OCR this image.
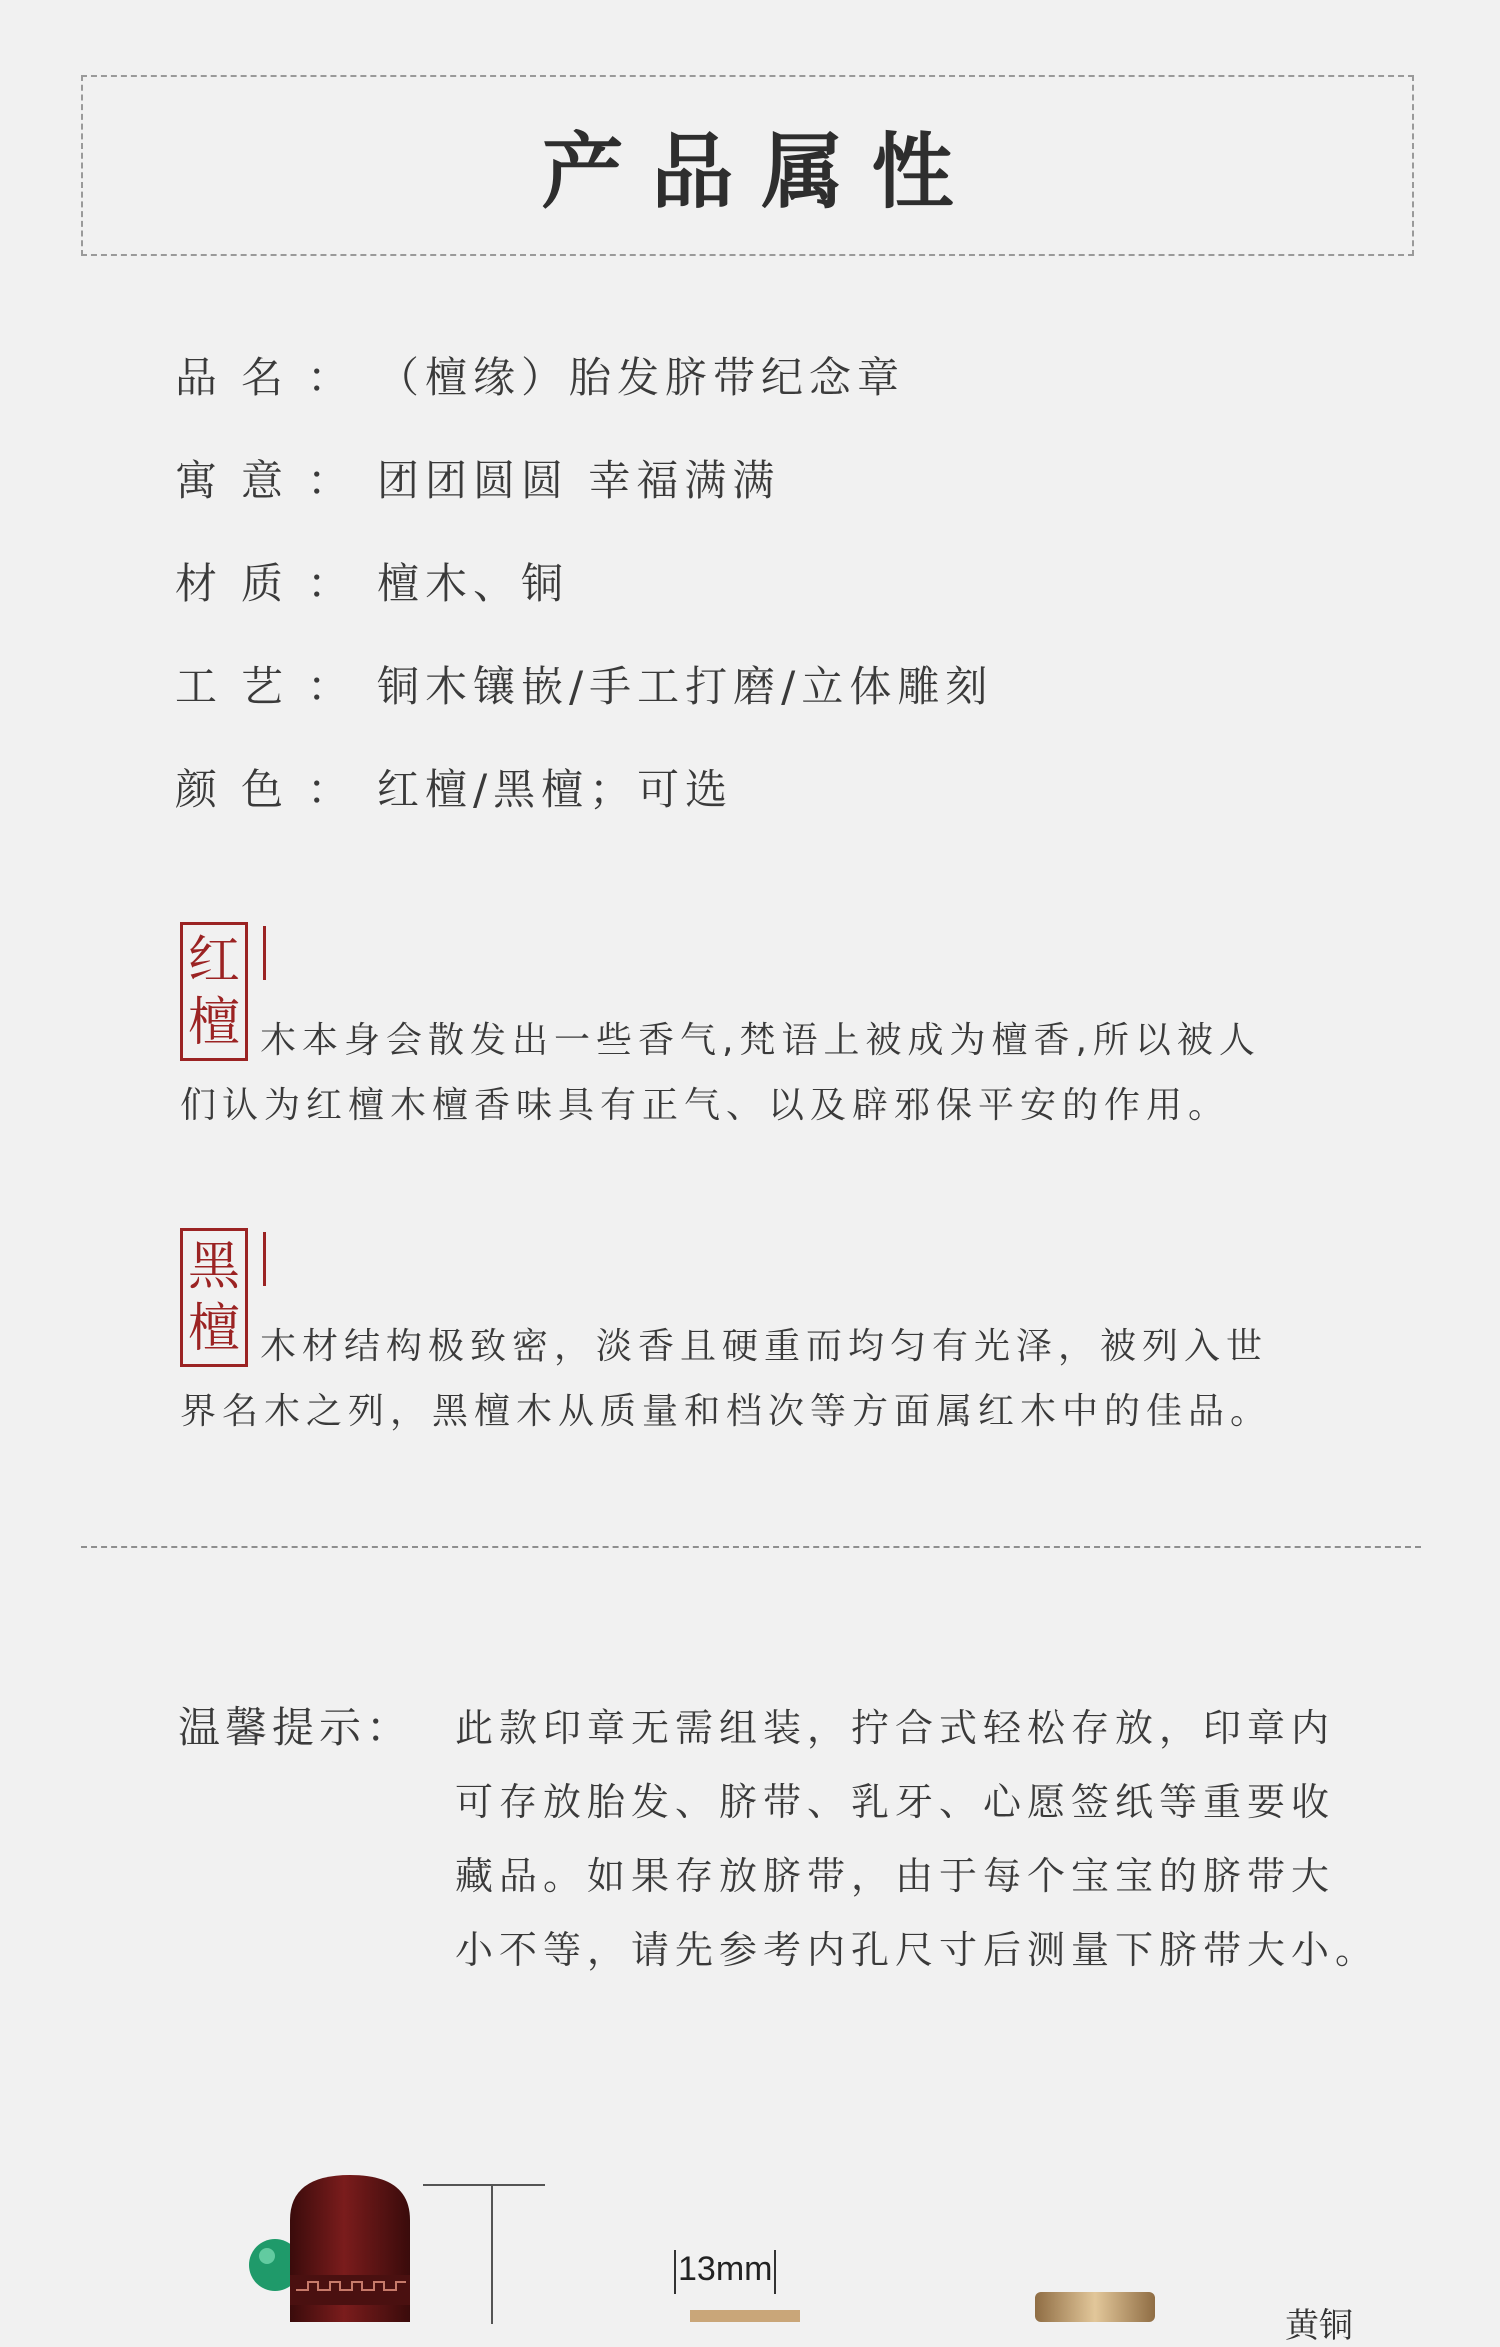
产品属性
品名 ： （檀缘）胎发脐带纪念章
寓意 ： 团团圆圆 幸福满满
材质 ： 檀木、铜
工艺 ： 铜木镶嵌/手工打磨/立体雕刻
颜色 ： 红檀/黑檀；可选
红
檀 木本身会散发出一些香气,梵语上被成为檀香,所以被人
们认为红檀木檀香味具有正气、以及辟邪保平安的作用。
黑
檀 木材结构极致密，淡香且硬重而均匀有光泽，被列入世
界名木之列，黑檀木从质量和档次等方面属红木中的佳品。
温馨提示： 此款印章无需组装，拧合式轻松存放，印章内
可存放胎发、脐带、乳牙、心愿签纸等重要收
藏品。如果存放脐带，由于每个宝宝的脐带大
小不等，请先参考内孔尺寸后测量下脐带大小。
13mm
黄铜
